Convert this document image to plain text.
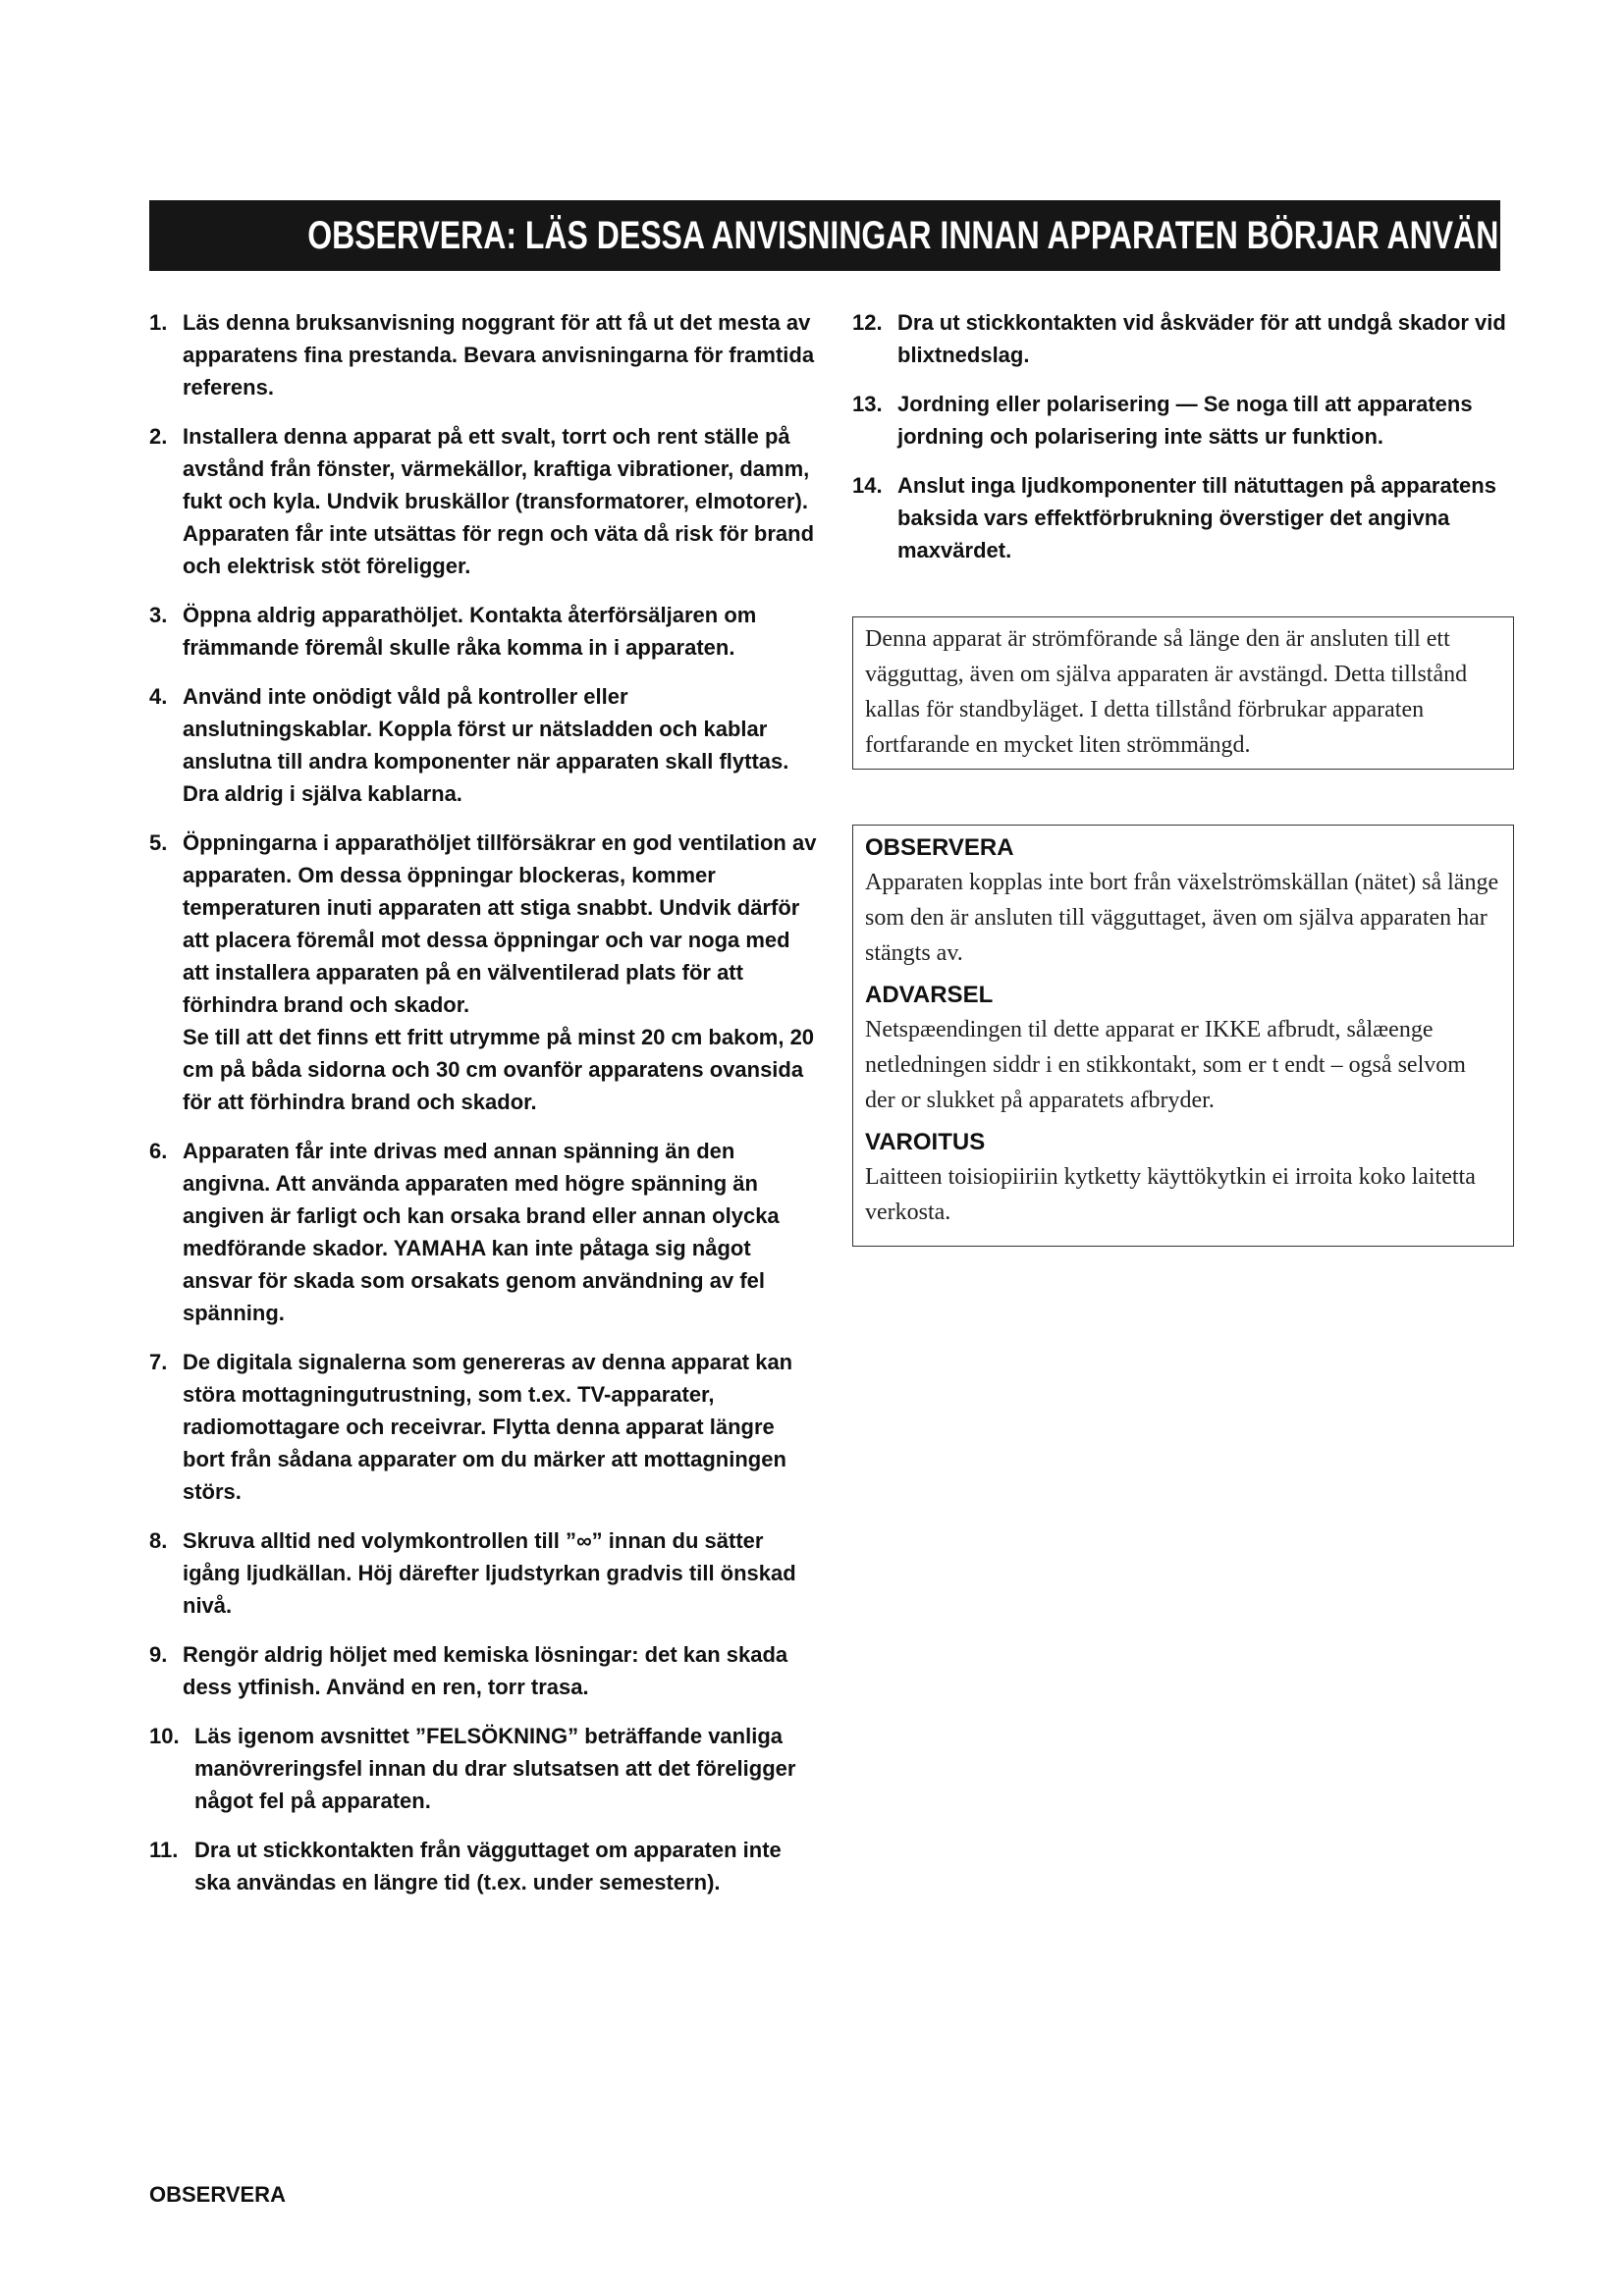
OBSERVERA: LÄS DESSA ANVISNINGAR INNAN APPARATEN BÖRJAR ANVÄNDAS.
1. Läs denna bruksanvisning noggrant för att få ut det mesta av apparatens fina prestanda. Bevara anvisningarna för framtida referens.

2. Installera denna apparat på ett svalt, torrt och rent ställe på avstånd från fönster, värmekällor, kraftiga vibrationer, damm, fukt och kyla. Undvik bruskällor (transformatorer, elmotorer). Apparaten får inte utsättas för regn och väta då risk för brand och elektrisk stöt föreligger.

3. Öppna aldrig apparathöljet. Kontakta återförsäljaren om främmande föremål skulle råka komma in i apparaten.

4. Använd inte onödigt våld på kontroller eller anslutningskablar. Koppla först ur nätsladden och kablar anslutna till andra komponenter när apparaten skall flyttas. Dra aldrig i själva kablarna.

5. Öppningarna i apparathöljet tillförsäkrar en god ventilation av apparaten. Om dessa öppningar blockeras, kommer temperaturen inuti apparaten att stiga snabbt. Undvik därför att placera föremål mot dessa öppningar och var noga med att installera apparaten på en välventilerad plats för att förhindra brand och skador.

Se till att det finns ett fritt utrymme på minst 20 cm bakom, 20 cm på båda sidorna och 30 cm ovanför apparatens ovansida för att förhindra brand och skador.

6. Apparaten får inte drivas med annan spänning än den angivna. Att använda apparaten med högre spänning än angiven är farligt och kan orsaka brand eller annan olycka medförande skador. YAMAHA kan inte påtaga sig något ansvar för skada som orsakats genom användning av fel spänning.

7. De digitala signalerna som genereras av denna apparat kan störa mottagningutrustning, som t.ex. TV-apparater, radiomottagare och receivrar. Flytta denna apparat längre bort från sådana apparater om du märker att mottagningen störs.

8. Skruva alltid ned volymkontrollen till ”∞” innan du sätter igång ljudkällan. Höj därefter ljudstyrkan gradvis till önskad nivå.

9. Rengör aldrig höljet med kemiska lösningar: det kan skada dess ytfinish. Använd en ren, torr trasa.

10. Läs igenom avsnittet ”FELSÖKNING” beträffande vanliga manövreringsfel innan du drar slutsatsen att det föreligger något fel på apparaten.

11. Dra ut stickkontakten från vägguttaget om apparaten inte ska användas en längre tid (t.ex. under semestern).

12. Dra ut stickkontakten vid åskväder för att undgå skador vid blixtnedslag.

13. Jordning eller polarisering — Se noga till att apparatens jordning och polarisering inte sätts ur funktion.

14. Anslut inga ljudkomponenter till nätuttagen på apparatens baksida vars effektförbrukning överstiger det angivna maxvärdet.

Denna apparat är strömförande så länge den är ansluten till ett vägguttag, även om själva apparaten är avstängd. Detta tillstånd kallas för standbyläget. I detta tillstånd förbrukar apparaten fortfarande en mycket liten strömmängd.

OBSERVERA

Apparaten kopplas inte bort från växelströmskällan (nätet) så länge som den är ansluten till vägguttaget, även om själva apparaten har stängts av.

ADVARSEL

Netspæendingen til dette apparat er IKKE afbrudt, sålæenge netledningen siddr i en stikkontakt, som er t endt – også selvom der or slukket på apparatets afbryder.

VAROITUS

Laitteen toisiopiiriin kytketty käyttökytkin ei irroita koko laitetta verkosta.

OBSERVERA
